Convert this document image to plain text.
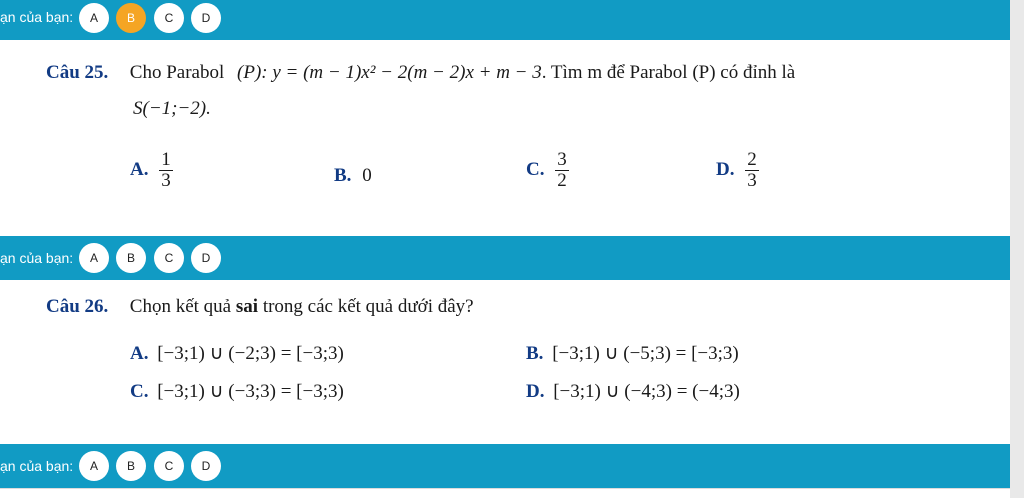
ạn của bạn:	A	B	C	D
Câu 25. Cho Parabol (P): y = (m − 1)x² − 2(m − 2)x + m − 3. Tìm m để Parabol (P) có đỉnh là
S(−1;−2).
A. $\frac{1}{3}$	B. 0	C. $\frac{3}{2}$	D. $\frac{2}{3}$
ạn của bạn:	A	B	C	D
Câu 26. Chọn kết quả sai trong các kết quả dưới đây?
A. [−3;1) ∪ (−2;3) = [−3;3)	B. [−3;1) ∪ (−5;3) = [−3;3)
C. [−3;1) ∪ (−3;3) = [−3;3)	D. [−3;1) ∪ (−4;3) = (−4;3)
ạn của bạn:	A	B	C	D
